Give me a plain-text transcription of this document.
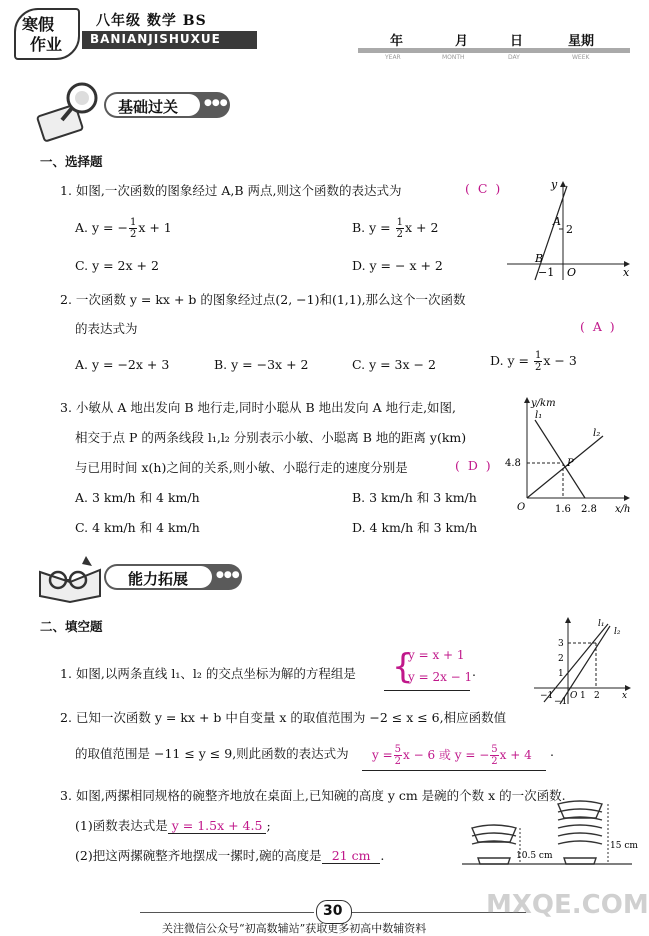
寒假
作业
八年级 数学 BS
BANIANJISHUXUE	年	月	日	星期
YEAR	MONTH	DAY	WEEK
基础过关	●●●
一、选择题
1. 如图,一次函数的图象经过 A,B 两点,则这个函数的表达式为	(  C  )
A. y = − $\frac{1}{2}$ x + 1	B. $y = \frac{1}{2}$ x + 2
C. y = 2x + 2	D. y = − x + 2
y
x
A
2
B
−1 O
2. 一次函数 y = kx + b 的图象经过点(2, −1)和(1,1),那么这个一次函数
的表达式为	(  A  )
A. y = −2x + 3	B. y = −3x + 2	C. y = 3x − 2	D. $y = \frac{1}{2}$ x − 3
3. 小敏从 A 地出发向 B 地行走,同时小聪从 B 地出发向 A 地行走,如图,
相交于点 P 的两条线段 l₁,l₂ 分别表示小敏、小聪离 B 地的距离 y(km)
与已用时间 x(h)之间的关系,则小敏、小聪行走的速度分别是	(  D  )
A. 3 km/h 和 4 km/h	B. 3 km/h 和 3 km/h
C. 4 km/h 和 4 km/h	D. 4 km/h 和 3 km/h
y/km
x/h
l₁
l₂
P
4.8
1.6 2.8
O
能力拓展	●●●
二、填空题
1. 如图,以两条直线 l₁、l₂ 的交点坐标为解的方程组是 {
y = x + 1
y = 2x − 1 .
l₁
l₂
3
2
1
−1 O 1 2
−1
x
2. 已知一次函数 y = kx + b 中自变量 x 的取值范围为 −2 ≤ x ≤ 6,相应函数值
的取值范围是 −11 ≤ y ≤ 9,则此函数的表达式为 $y = \frac{5}{2}$ x − 6 或 y = − $\frac{5}{2}$ x + 4 .
3. 如图,两摞相同规格的碗整齐地放在桌面上,已知碗的高度 y cm 是碗的个数 x 的一次函数.
(1)函数表达式是 y = 1.5x + 4.5 ;
(2)把这两摞碗整齐地摆成一摞时,碗的高度是 21 cm .	10.5 cm
15 cm
30
关注微信公众号“初高数辅站”获取更多初高中数辅资料
MXQE.COM
